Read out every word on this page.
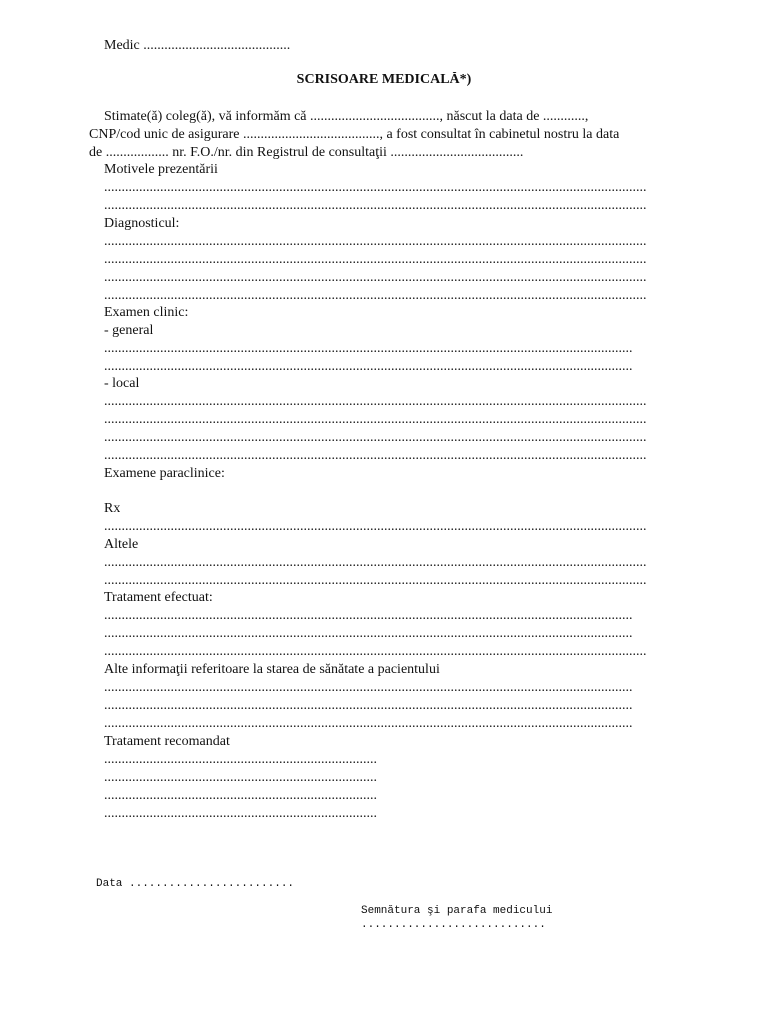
Medic ..........................................

SCRISOARE MEDICALĂ*)

Stimate(ă) coleg(ă), vă informăm că ....................................., născut la data de ............,

CNP/cod unic de asigurare ......................................., a fost consultat în cabinetul nostru la data

de .................. nr. F.O./nr. din Registrul de consultaţii ......................................

Motivele prezentării

...........................................................................................................................................................

...........................................................................................................................................................

Diagnosticul:

...........................................................................................................................................................

...........................................................................................................................................................

...........................................................................................................................................................

...........................................................................................................................................................

Examen clinic:

- general

.......................................................................................................................................................

.......................................................................................................................................................

- local

...........................................................................................................................................................

...........................................................................................................................................................

...........................................................................................................................................................

...........................................................................................................................................................

Examene paraclinice:

Rx

...........................................................................................................................................................

Altele

...........................................................................................................................................................

...........................................................................................................................................................

Tratament efectuat:

.......................................................................................................................................................

.......................................................................................................................................................

...........................................................................................................................................................

Alte informaţii referitoare la starea de sănătate a pacientului

.......................................................................................................................................................

.......................................................................................................................................................

.......................................................................................................................................................

Tratament recomandat

..............................................................................

..............................................................................

..............................................................................

..............................................................................

Data .........................

Semnătura şi parafa medicului

............................
